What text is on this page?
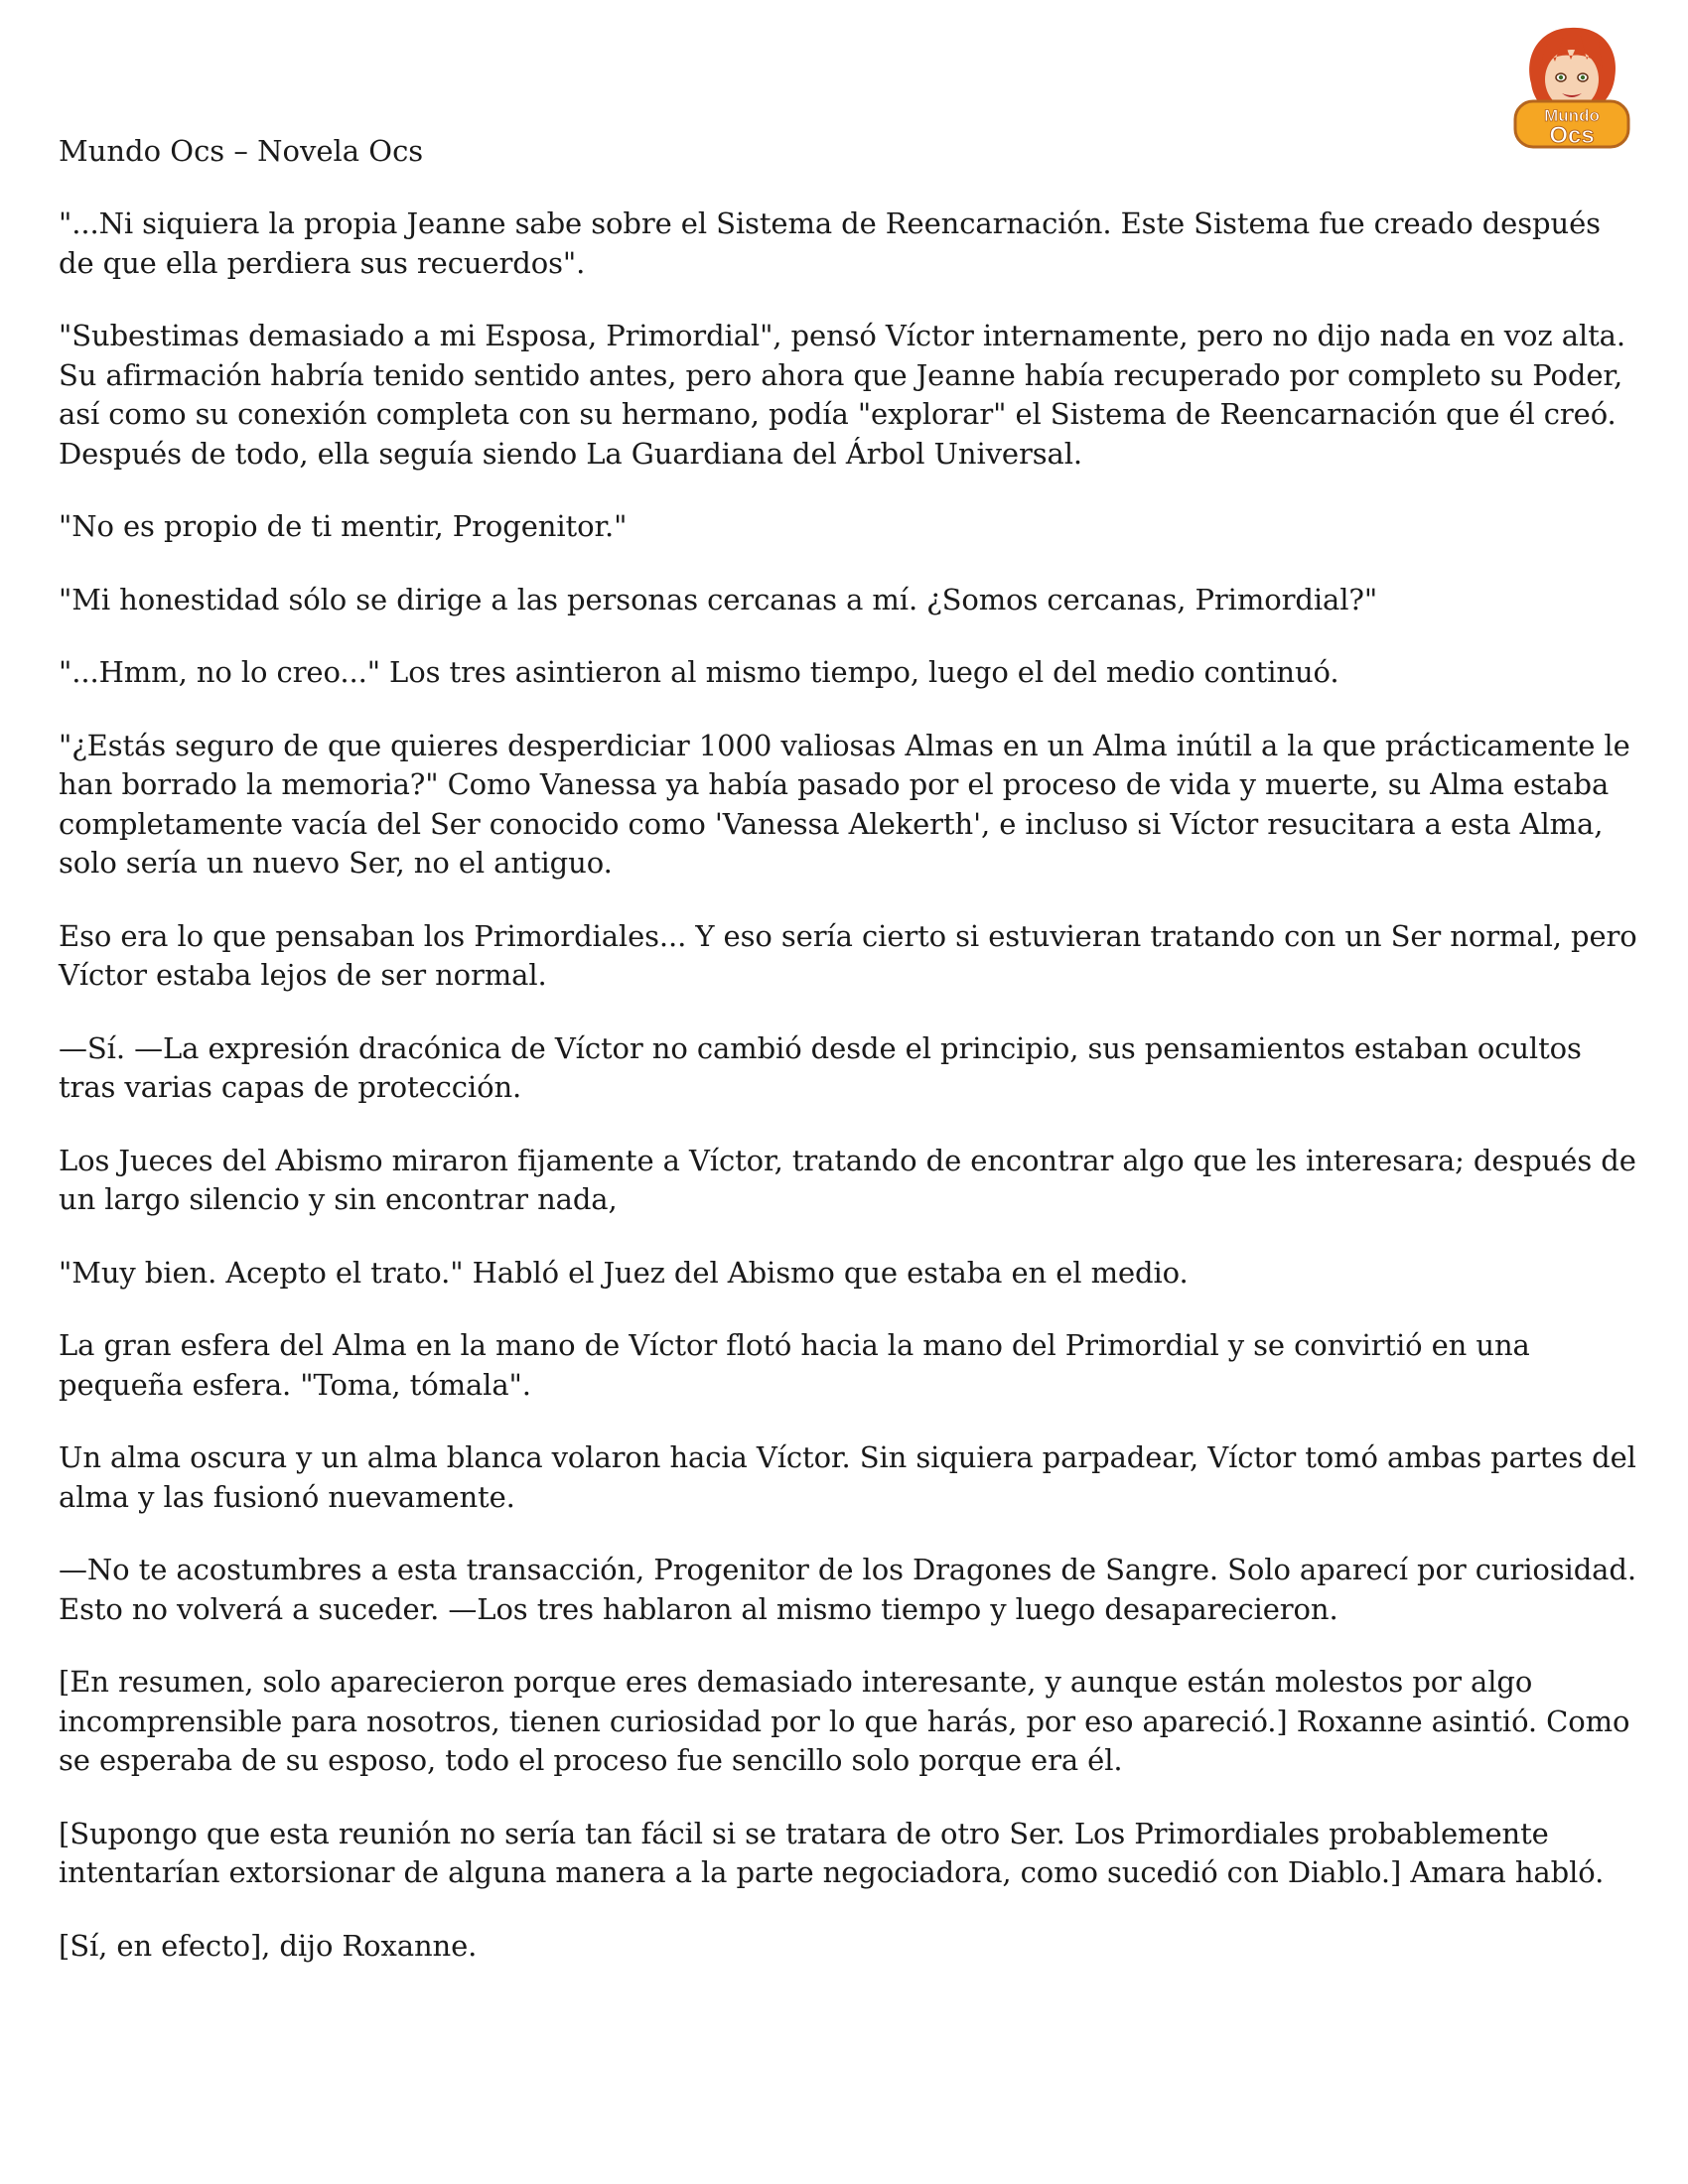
Mundo
Ocs
Mundo Ocs – Novela Ocs

"...Ni siquiera la propia Jeanne sabe sobre el Sistema de Reencarnación. Este Sistema fue creado después de que ella perdiera sus recuerdos".

"Subestimas demasiado a mi Esposa, Primordial", pensó Víctor internamente, pero no dijo nada en voz alta. Su afirmación habría tenido sentido antes, pero ahora que Jeanne había recuperado por completo su Poder, así como su conexión completa con su hermano, podía "explorar" el Sistema de Reencarnación que él creó. Después de todo, ella seguía siendo La Guardiana del Árbol Universal.

"No es propio de ti mentir, Progenitor."

"Mi honestidad sólo se dirige a las personas cercanas a mí. ¿Somos cercanas, Primordial?"

"...Hmm, no lo creo..." Los tres asintieron al mismo tiempo, luego el del medio continuó.

"¿Estás seguro de que quieres desperdiciar 1000 valiosas Almas en un Alma inútil a la que prácticamente le han borrado la memoria?" Como Vanessa ya había pasado por el proceso de vida y muerte, su Alma estaba completamente vacía del Ser conocido como 'Vanessa Alekerth', e incluso si Víctor resucitara a esta Alma, solo sería un nuevo Ser, no el antiguo.

Eso era lo que pensaban los Primordiales... Y eso sería cierto si estuvieran tratando con un Ser normal, pero Víctor estaba lejos de ser normal.

—Sí. —La expresión dracónica de Víctor no cambió desde el principio, sus pensamientos estaban ocultos tras varias capas de protección.

Los Jueces del Abismo miraron fijamente a Víctor, tratando de encontrar algo que les interesara; después de un largo silencio y sin encontrar nada,

"Muy bien. Acepto el trato." Habló el Juez del Abismo que estaba en el medio.

La gran esfera del Alma en la mano de Víctor flotó hacia la mano del Primordial y se convirtió en una pequeña esfera. "Toma, tómala".

Un alma oscura y un alma blanca volaron hacia Víctor. Sin siquiera parpadear, Víctor tomó ambas partes del alma y las fusionó nuevamente.

—No te acostumbres a esta transacción, Progenitor de los Dragones de Sangre. Solo aparecí por curiosidad. Esto no volverá a suceder. —Los tres hablaron al mismo tiempo y luego desaparecieron.

[En resumen, solo aparecieron porque eres demasiado interesante, y aunque están molestos por algo incomprensible para nosotros, tienen curiosidad por lo que harás, por eso apareció.] Roxanne asintió. Como se esperaba de su esposo, todo el proceso fue sencillo solo porque era él.

[Supongo que esta reunión no sería tan fácil si se tratara de otro Ser. Los Primordiales probablemente intentarían extorsionar de alguna manera a la parte negociadora, como sucedió con Diablo.] Amara habló.

[Sí, en efecto], dijo Roxanne.
